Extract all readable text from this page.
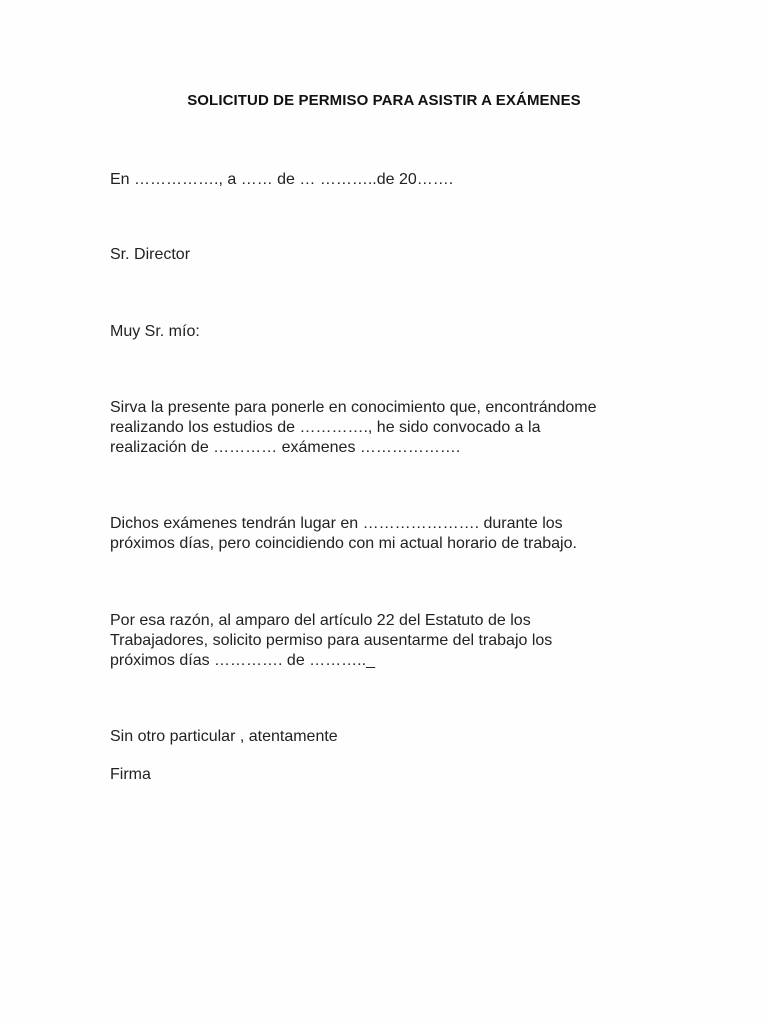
SOLICITUD DE PERMISO PARA ASISTIR A EXÁMENES
En ……………., a …… de … ………..de 20…….
Sr. Director
Muy Sr. mío:
Sirva la presente para ponerle en conocimiento que, encontrándome
realizando los estudios de …………., he sido convocado a la
realización de ………… exámenes ……………….
Dichos exámenes tendrán lugar en …………………. durante los
próximos días, pero coincidiendo con mi actual horario de trabajo.
Por esa razón, al amparo del artículo 22 del Estatuto de los
Trabajadores, solicito permiso para ausentarme del trabajo los
próximos días …………. de ……….._
Sin otro particular , atentamente
Firma
